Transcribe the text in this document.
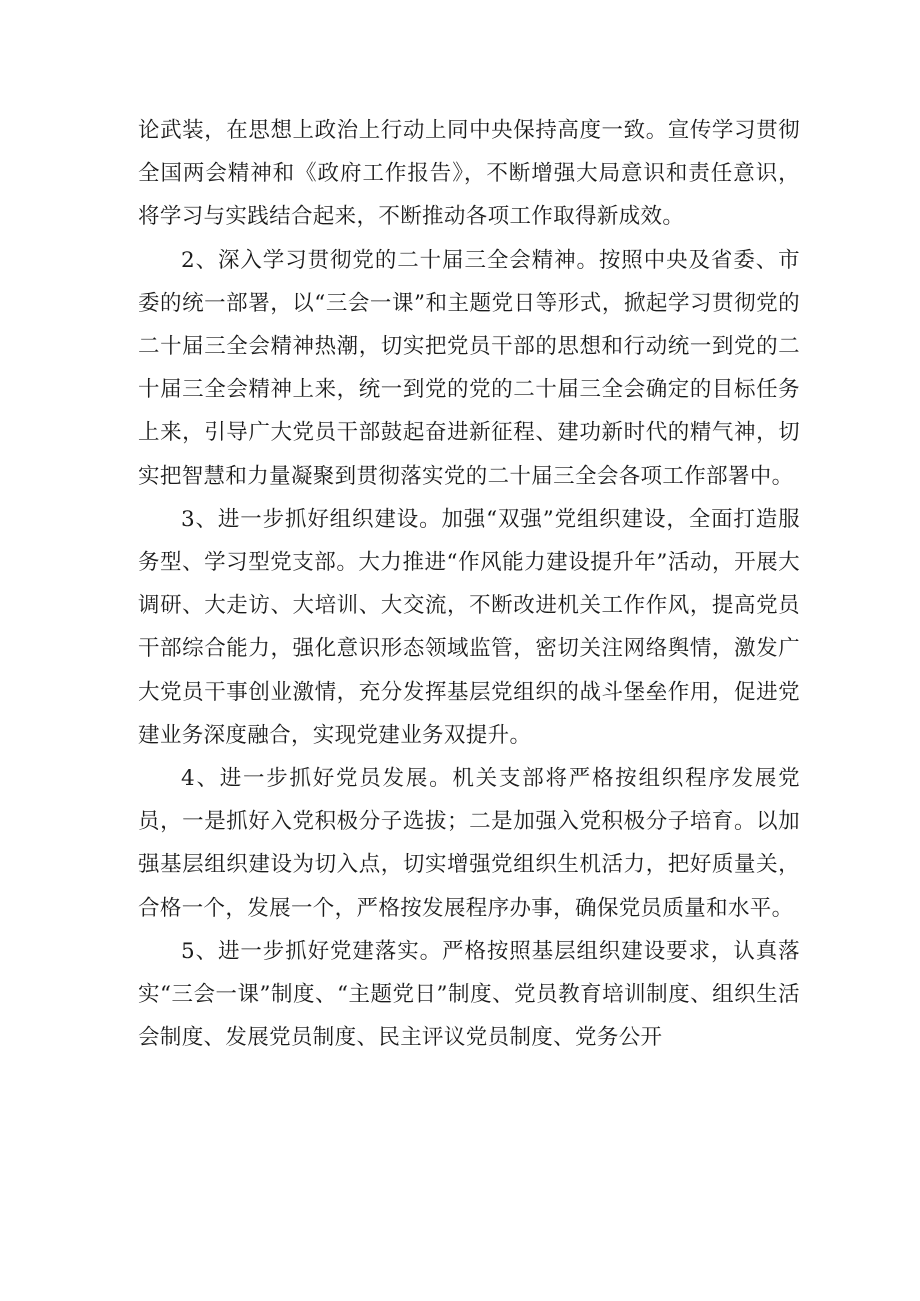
论武装，在思想上政治上行动上同中央保持高度一致。宣传学习贯彻全国两会精神和《政府工作报告》，不断增强大局意识和责任意识，将学习与实践结合起来，不断推动各项工作取得新成效。

2、深入学习贯彻党的二十届三全会精神。按照中央及省委、市委的统一部署，以“三会一课”和主题党日等形式，掀起学习贯彻党的二十届三全会精神热潮，切实把党员干部的思想和行动统一到党的二十届三全会精神上来，统一到党的党的二十届三全会确定的目标任务上来，引导广大党员干部鼓起奋进新征程、建功新时代的精气神，切实把智慧和力量凝聚到贯彻落实党的二十届三全会各项工作部署中。

3、进一步抓好组织建设。加强“双强”党组织建设，全面打造服务型、学习型党支部。大力推进“作风能力建设提升年”活动，开展大调研、大走访、大培训、大交流，不断改进机关工作作风，提高党员干部综合能力，强化意识形态领域监管，密切关注网络舆情，激发广大党员干事创业激情，充分发挥基层党组织的战斗堡垒作用，促进党建业务深度融合，实现党建业务双提升。

4、进一步抓好党员发展。机关支部将严格按组织程序发展党员，一是抓好入党积极分子选拔；二是加强入党积极分子培育。以加强基层组织建设为切入点，切实增强党组织生机活力，把好质量关，合格一个，发展一个，严格按发展程序办事，确保党员质量和水平。

5、进一步抓好党建落实。严格按照基层组织建设要求，认真落实“三会一课”制度、“主题党日”制度、党员教育培训制度、组织生活会制度、发展党员制度、民主评议党员制度、党务公开
